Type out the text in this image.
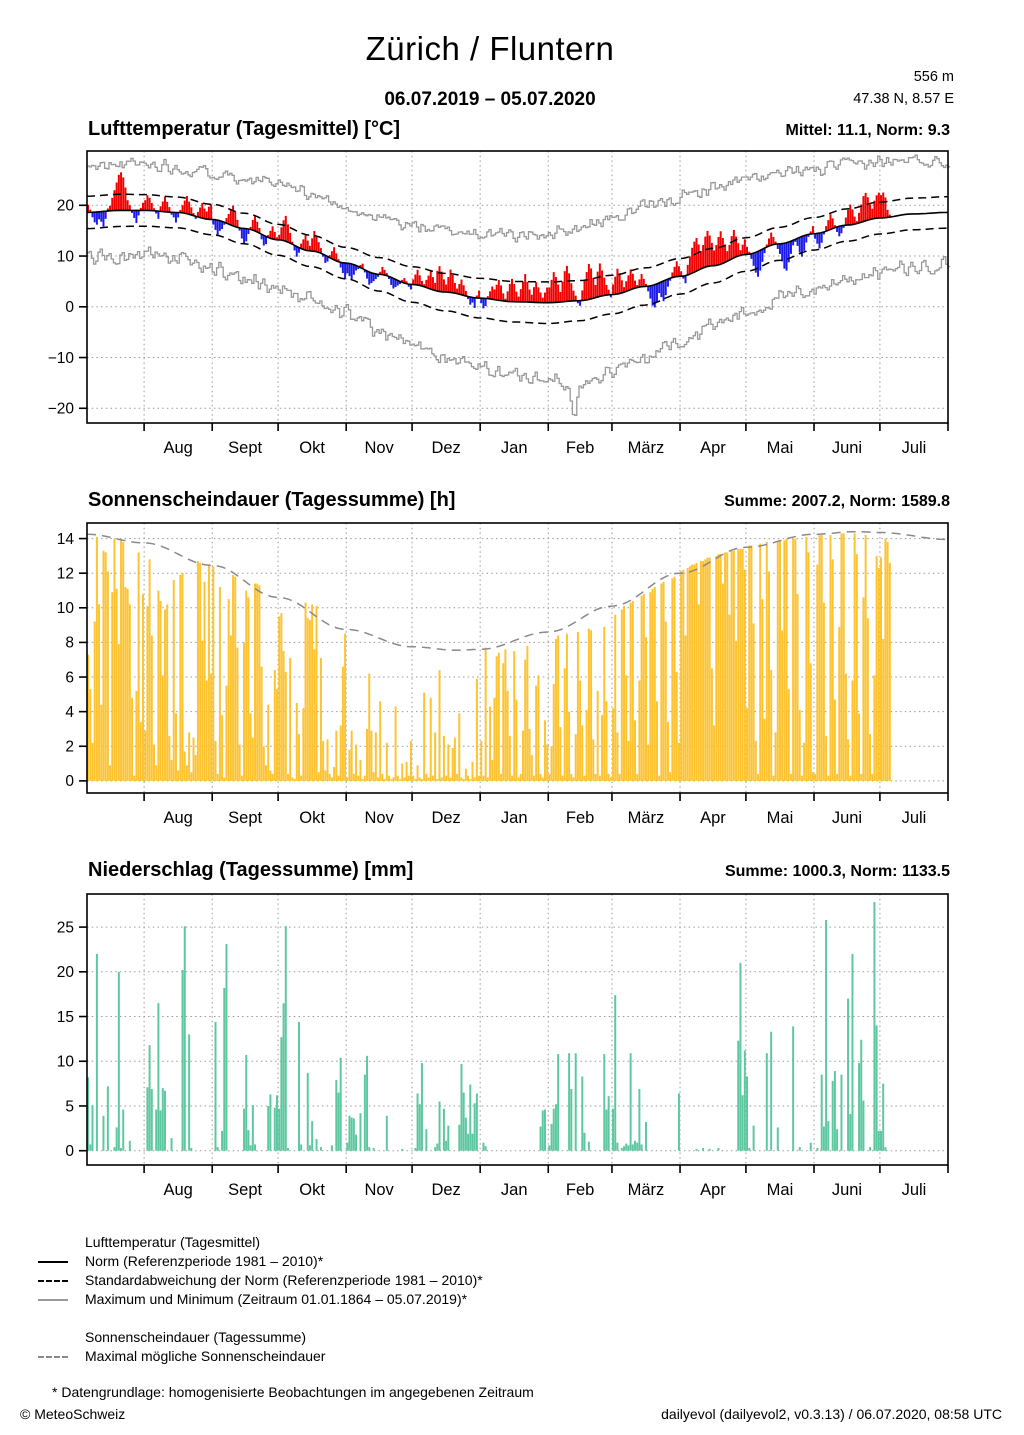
−20
−10
0
10
20
Aug Sept Okt Nov Dez Jan Feb März Apr Mai Juni Juli
0
2
4
6
8
10
12
14
Aug Sept Okt Nov Dez Jan Feb März Apr Mai Juni Juli
0
5
10
15
20
25
Aug Sept Okt Nov Dez Jan Feb März Apr Mai Juni Juli
Zürich / Fluntern
06.07.2019 – 05.07.2020
556 m
47.38 N, 8.57 E
Lufttemperatur (Tagesmittel) [°C]	Mittel: 11.1, Norm: 9.3
Sonnenscheindauer (Tagessumme) [h]	Summe: 2007.2, Norm: 1589.8
Niederschlag (Tagessumme) [mm]	Summe: 1000.3, Norm: 1133.5
Lufttemperatur (Tagesmittel)
Norm (Referenzperiode 1981 – 2010)*
Standardabweichung der Norm (Referenzperiode 1981 – 2010)*
Maximum und Minimum (Zeitraum 01.01.1864 – 05.07.2019)*
Sonnenscheindauer (Tagessumme)
Maximal mögliche Sonnenscheindauer
* Datengrundlage: homogenisierte Beobachtungen im angegebenen Zeitraum
© MeteoSchweiz	dailyevol (dailyevol2, v0.3.13) / 06.07.2020, 08:58 UTC
